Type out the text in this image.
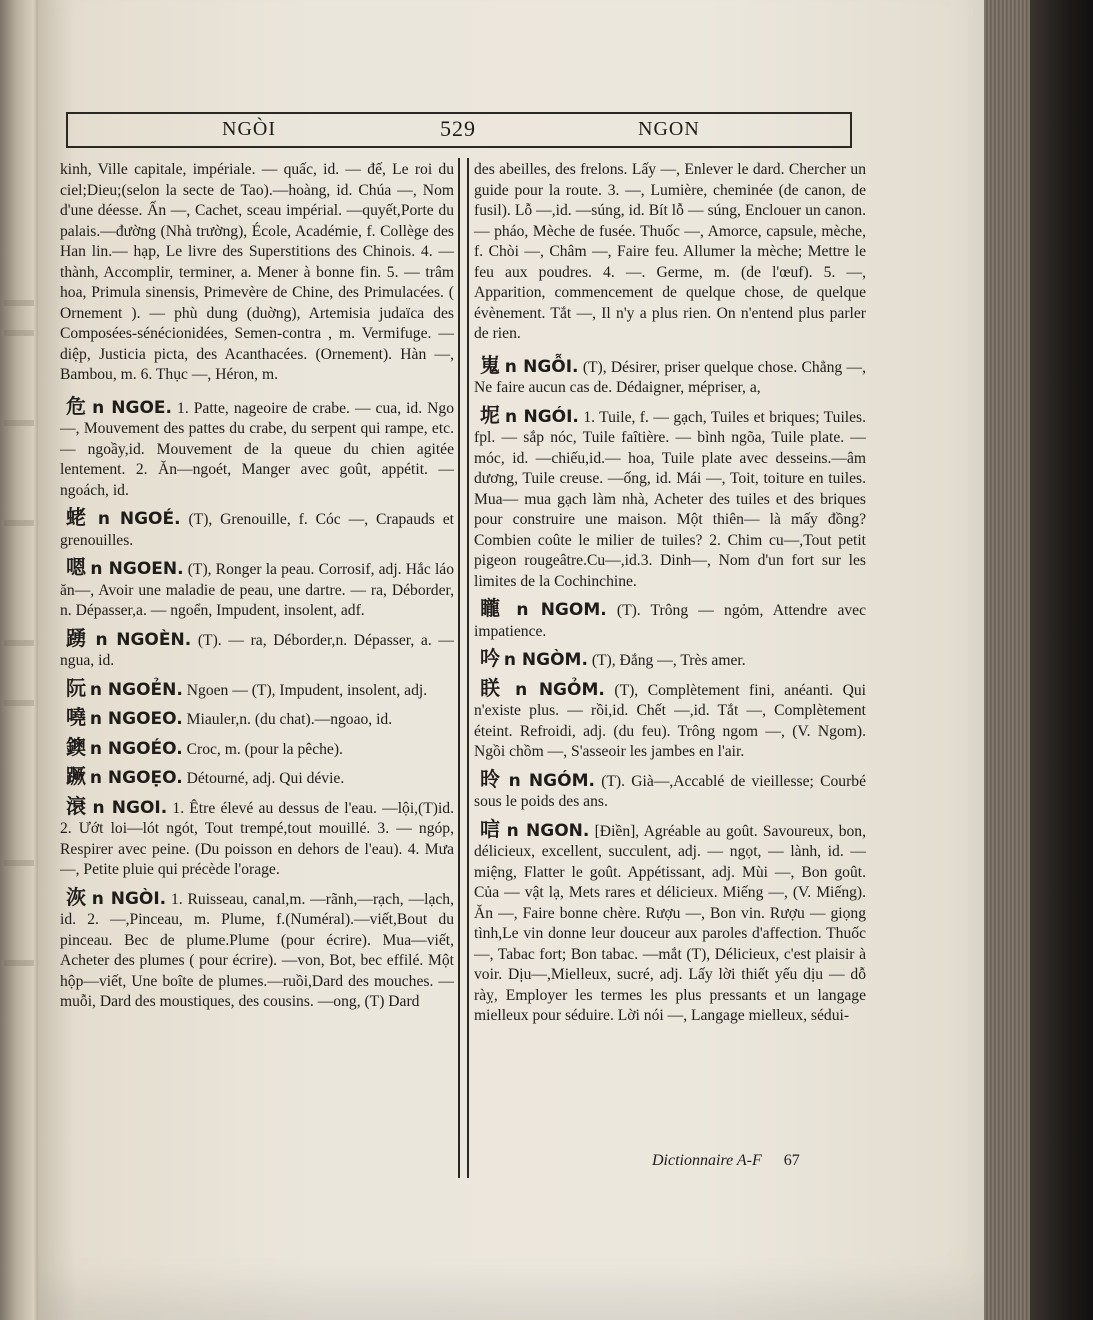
NGÒI	529	NGON
kinh, Ville capitale, impériale. — quấc, id. — đế, Le roi du ciel;Dieu;(selon la secte de Tao).—hoàng, id. Chúa —, Nom d'une déesse. Ấn —, Cachet, sceau impérial. —quyết,Porte du palais.—đường (Nhà trường), École, Académie, f. Collège des Han lin.— hạp, Le livre des Superstitions des Chinois. 4. — thành, Accomplir, terminer, a. Mener à bonne fin. 5. — trâm hoa, Primula sinensis, Primevère de Chine, des Primulacées. ( Ornement ). — phù dung (duờng), Artemisia judaïca des Composées-sénécionidées, Semen-contra , m. Vermifuge. — diệp, Justicia picta, des Acanthacées. (Ornement). Hàn —, Bambou, m. 6. Thục —, Héron, m.
危 n NGOE. 1. Patte, nageoire de crabe. — cua, id. Ngo —, Mouvement des pattes du crabe, du serpent qui rampe, etc. — ngoầy,id. Mouvement de la queue du chien agitée lentement. 2. Ăn—ngoét, Manger avec goût, appétit. — ngoách, id.
蛯 n NGOÉ. (T), Grenouille, f. Cóc —, Crapauds et grenouilles.
嗯 n NGOEN. (T), Ronger la peau. Corrosif, adj. Hắc láo ăn—, Avoir une maladie de peau, une dartre. — ra, Déborder, n. Dépasser,a. — ngoển, Impudent, insolent, adf.
踴 n NGOÈN. (T). — ra, Déborder,n. Dépasser, a. — ngua, id.
阮 n NGOẺN. Ngoen — (T), Impudent, insolent, adj.
嘵 n NGOEO. Miauler,n. (du chat).—ngoao, id.
鐭 n NGOÉO. Croc, m. (pour la pêche).
蹶 n NGOẸO. Détourné, adj. Qui dévie.
滖 n NGOI. 1. Être élevé au dessus de l'eau. —lội,(T)id. 2. Ướt loi—lót ngót, Tout trempé,tout mouillé. 3. — ngóp, Respirer avec peine. (Du poisson en dehors de l'eau). 4. Mưa —, Petite pluie qui précède l'orage.
洃 n NGÒI. 1. Ruisseau, canal,m. —rãnh,—rạch, —lạch, id. 2. —,Pinceau, m. Plume, f.(Numéral).—viết,Bout du pinceau. Bec de plume.Plume (pour écrire). Mua—viết, Acheter des plumes ( pour écrire). —von, Bot, bec effilé. Một hộp—viết, Une boîte de plumes.—ruồi,Dard des mouches. —muỗi, Dard des moustiques, des cousins. —ong, (T) Dard
des abeilles, des frelons. Lấy —, Enlever le dard. Chercher un guide pour la route. 3. —, Lumière, cheminée (de canon, de fusil). Lỗ —,id. —súng, id. Bít lỗ — súng, Enclouer un canon.— pháo, Mèche de fusée. Thuốc —, Amorce, capsule, mèche, f. Chòi —, Châm —, Faire feu. Allumer la mèche; Mettre le feu aux poudres. 4. —. Germe, m. (de l'œuf). 5. —, Apparition, commencement de quelque chose, de quelque évènement. Tắt —, Il n'y a plus rien. On n'entend plus parler de rien.
嵬 n NGỖI. (T), Désirer, priser quelque chose. Chẳng —, Ne faire aucun cas de. Dédaigner, mépriser, a,
坭 n NGÓI. 1. Tuile, f. — gạch, Tuiles et briques; Tuiles. fpl. — sắp nóc, Tuile faîtière. — bình ngõa, Tuile plate. — móc, id. —chiếu,id.— hoa, Tuile plate avec desseins.—âm dương, Tuile creuse. —ống, id. Mái —, Toit, toiture en tuiles. Mua— mua gạch làm nhà, Acheter des tuiles et des briques pour construire une maison. Một thiên— là mấy đồng? Combien coûte le milier de tuiles? 2. Chim cu—,Tout petit pigeon rougeâtre.Cu—,id.3. Dinh—, Nom d'un fort sur les limites de la Cochinchine.
矓 n NGOM. (T). Trông — ngỏm, Attendre avec impatience.
吟 n NGÒM. (T), Đắng —, Très amer.
眹 n NGỎM. (T), Complètement fini, anéanti. Qui n'existe plus. — rồi,id. Chết —,id. Tắt —, Complètement éteint. Refroidi, adj. (du feu). Trông ngom —, (V. Ngom). Ngồi chồm —, S'asseoir les jambes en l'air.
昤 n NGÓM. (T). Già—,Accablé de vieillesse; Courbé sous le poids des ans.
唁 n NGON. [Điền], Agréable au goût. Savoureux, bon, délicieux, excellent, succulent, adj. — ngọt, — lành, id. — miệng, Flatter le goût. Appétissant, adj. Mùi —, Bon goût. Của — vật lạ, Mets rares et délicieux. Miếng —, (V. Miếng). Ăn —, Faire bonne chère. Rượu —, Bon vin. Rượu — giọng tình,Le vin donne leur douceur aux paroles d'affection. Thuốc —, Tabac fort; Bon tabac. —mắt (T), Délicieux, c'est plaisir à voir. Dịu—,Mielleux, sucré, adj. Lấy lời thiết yếu dịu — dỗ ràỵ, Employer les termes les plus pressants et un langage mielleux pour séduire. Lời nói —, Langage mielleux, sédui-
Dictionnaire A-F 67
